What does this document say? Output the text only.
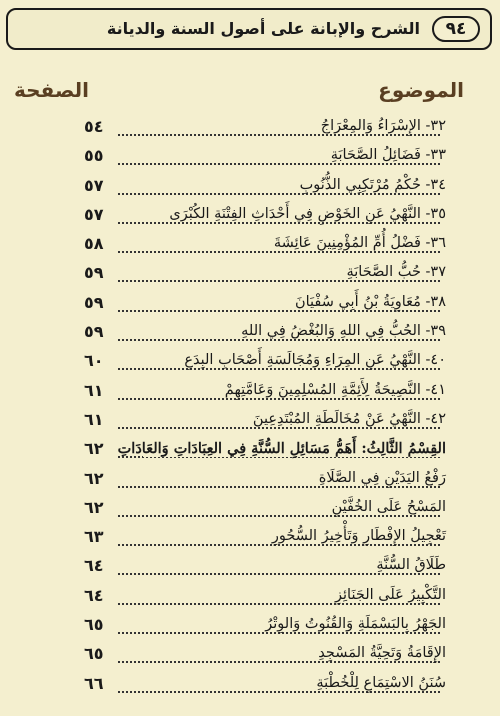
الشرح والإبانة على أصول السنة والديانة	٩٤
الموضوع
الصفحة
٣٢- الإِسْرَاءُ وَالمِعْرَاجُ
٥٤
٣٣- فَضَائِلُ الصَّحَابَةِ
٥٥
٣٤- حُكْمُ مُرْتَكِبِي الذُّنُوبِ
٥٧
٣٥- النَّهْيُ عَنِ الخَوْضِ فِي أَحْدَاثِ الفِتْنَةِ الكُبْرَى
٥٧
٣٦- فَضْلُ أُمِّ المُؤْمِنِينَ عَائِشَةَ
٥٨
٣٧- حُبُّ الصَّحَابَةِ
٥٩
٣٨- مُعَاوِيَةُ بْنُ أَبِي سُفْيَانَ
٥٩
٣٩- الحُبُّ فِي اللهِ وَالبُغْضُ فِي اللهِ
٥٩
٤٠- النَّهْيُ عَنِ المِرَاءِ وَمُجَالَسَةِ أَصْحَابِ البِدَعِ
٦٠
٤١- النَّصِيحَةُ لِأَئِمَّةِ المُسْلِمِينَ وَعَامَّتِهِمْ
٦١
٤٢- النَّهْيُ عَنْ مُخَالَطَةِ المُبْتَدِعِينَ
٦١
القِسْمُ الثَّالِثُ: أَهَمُّ مَسَائِلِ السُّنَّةِ فِي العِبَادَاتِ وَالعَادَاتِ
٦٢
رَفْعُ اليَدَيْنِ فِي الصَّلَاةِ
٦٢
المَسْحُ عَلَى الخُفَّيْنِ
٦٢
تَعْجِيلُ الإِفْطَارِ وَتَأْخِيرُ السُّحُورِ
٦٣
طَلَاقُ السُّنَّةِ
٦٤
التَّكْبِيرُ عَلَى الجَنَائِزِ
٦٤
الجَهْرُ بِالبَسْمَلَةِ وَالقُنُوتُ وَالوِتْرُ
٦٥
الإِقَامَةُ وَتَحِيَّةُ المَسْجِدِ
٦٥
سُنَنُ الاسْتِمَاعِ لِلْخُطْبَةِ
٦٦
